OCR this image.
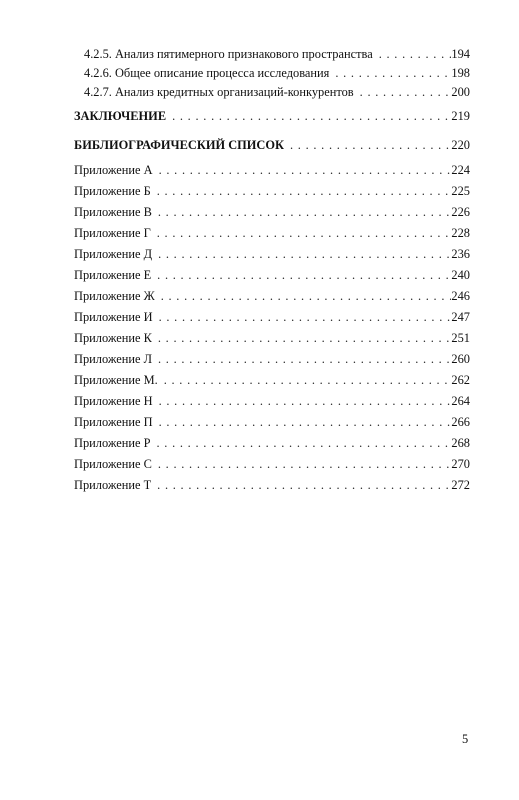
4.2.5. Анализ пятимерного признакового пространства . . .	194
4.2.6. Общее описание процесса исследования . . .	198
4.2.7. Анализ кредитных организаций-конкурентов . . .	200
ЗАКЛЮЧЕНИЕ . . .	219
БИБЛИОГРАФИЧЕСКИЙ СПИСОК . . .	220
Приложение А . . .	224
Приложение Б . . .	225
Приложение В . . .	226
Приложение Г . . .	228
Приложение Д . . .	236
Приложение Е . . .	240
Приложение Ж . . .	246
Приложение И . . .	247
Приложение К . . .	251
Приложение Л . . .	260
Приложение М. . . .	262
Приложение Н . . .	264
Приложение П . . .	266
Приложение Р . . .	268
Приложение С . . .	270
Приложение Т . . .	272
5
